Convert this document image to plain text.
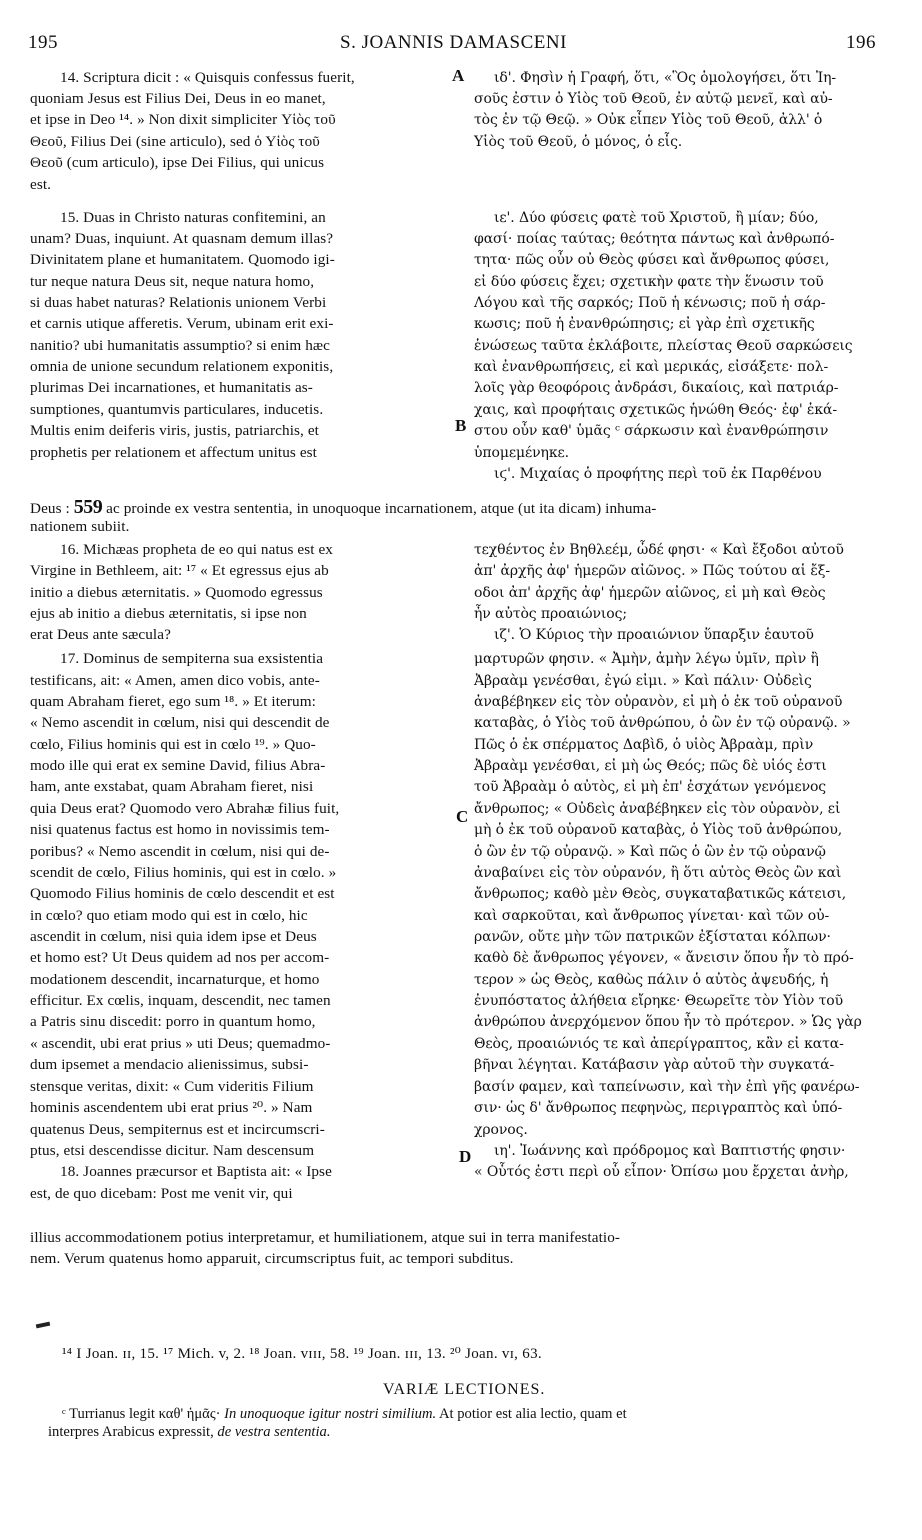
195	S. JOANNIS DAMASCENI	196
A
B
C
D
14. Scriptura dicit : « Quisquis confessus fuerit,
quoniam Jesus est Filius Dei, Deus in eo manet,
et ipse in Deo ¹⁴. » Non dixit simpliciter Υἱὸς τοῦ
Θεοῦ, Filius Dei (sine articulo), sed ὁ Υἱὸς τοῦ
Θεοῦ (cum articulo), ipse Dei Filius, qui unicus
est.
15. Duas in Christo naturas confitemini, an
unam? Duas, inquiunt. At quasnam demum illas?
Divinitatem plane et humanitatem. Quomodo igi-
tur neque natura Deus sit, neque natura homo,
si duas habet naturas? Relationis unionem Verbi
et carnis utique afferetis. Verum, ubinam erit exi-
nanitio? ubi humanitatis assumptio? si enim hæc
omnia de unione secundum relationem exponitis,
plurimas Dei incarnationes, et humanitatis as-
sumptiones, quantumvis particulares, inducetis.
Multis enim deiferis viris, justis, patriarchis, et
prophetis per relationem et affectum unitus est
16. Michæas propheta de eo qui natus est ex
Virgine in Bethleem, ait: ¹⁷ « Et egressus ejus ab
initio a diebus æternitatis. » Quomodo egressus
ejus ab initio a diebus æternitatis, si ipse non
erat Deus ante sæcula?
17. Dominus de sempiterna sua exsistentia
testificans, ait: « Amen, amen dico vobis, ante-
quam Abraham fieret, ego sum ¹⁸. » Et iterum:
« Nemo ascendit in cœlum, nisi qui descendit de
cœlo, Filius hominis qui est in cœlo ¹⁹. » Quo-
modo ille qui erat ex semine David, filius Abra-
ham, ante exstabat, quam Abraham fieret, nisi
quia Deus erat? Quomodo vero Abrahæ filius fuit,
nisi quatenus factus est homo in novissimis tem-
poribus? « Nemo ascendit in cœlum, nisi qui de-
scendit de cœlo, Filius hominis, qui est in cœlo. »
Quomodo Filius hominis de cœlo descendit et est
in cœlo? quo etiam modo qui est in cœlo, hic
ascendit in cœlum, nisi quia idem ipse et Deus
et homo est? Ut Deus quidem ad nos per accom-
modationem descendit, incarnaturque, et homo
efficitur. Ex cœlis, inquam, descendit, nec tamen
a Patris sinu discedit: porro in quantum homo,
« ascendit, ubi erat prius » uti Deus; quemadmo-
dum ipsemet a mendacio alienissimus, subsi-
stensque veritas, dixit: « Cum videritis Filium
hominis ascendentem ubi erat prius ²⁰. » Nam
quatenus Deus, sempiternus est et incircumscri-
ptus, etsi descendisse dicitur. Nam descensum
18. Joannes præcursor et Baptista ait: « Ipse
est, de quo dicebam: Post me venit vir, qui
ιδ'. Φησὶν ἡ Γραφή, ὅτι, «Ὃς ὁμολογήσει, ὅτι Ἰη-
σοῦς ἐστιν ὁ Υἱὸς τοῦ Θεοῦ, ἐν αὐτῷ μενεῖ, καὶ αὐ-
τὸς ἐν τῷ Θεῷ. » Οὐκ εἶπεν Υἱὸς τοῦ Θεοῦ, ἀλλ' ὁ
Υἱὸς τοῦ Θεοῦ, ὁ μόνος, ὁ εἷς.
ιε'. Δύο φύσεις φατὲ τοῦ Χριστοῦ, ἢ μίαν; δύο,
φασί· ποίας ταύτας; θεότητα πάντως καὶ ἀνθρωπό-
τητα· πῶς οὖν οὐ Θεὸς φύσει καὶ ἄνθρωπος φύσει,
εἰ δύο φύσεις ἔχει; σχετικὴν φατε τὴν ἕνωσιν τοῦ
Λόγου καὶ τῆς σαρκός; Ποῦ ἡ κένωσις; ποῦ ἡ σάρ-
κωσις; ποῦ ἡ ἐνανθρώπησις; εἰ γὰρ ἐπὶ σχετικῆς
ἑνώσεως ταῦτα ἐκλάβοιτε, πλείστας Θεοῦ σαρκώσεις
καὶ ἐνανθρωπήσεις, εἰ καὶ μερικάς, εἰσάξετε· πολ-
λοῖς γὰρ θεοφόροις ἀνδράσι, δικαίοις, καὶ πατριάρ-
χαις, καὶ προφήταις σχετικῶς ἡνώθη Θεός· ἐφ' ἑκά-
στου οὖν καθ' ὑμᾶς ᶜ σάρκωσιν καὶ ἐνανθρώπησιν
ὑπομεμένηκε.
ιϛ'. Μιχαίας ὁ προφήτης περὶ τοῦ ἐκ Παρθένου
τεχθέντος ἐν Βηθλεέμ, ὧδέ φησι· « Καὶ ἔξοδοι αὐτοῦ
ἀπ' ἀρχῆς ἀφ' ἡμερῶν αἰῶνος. » Πῶς τούτου αἱ ἔξ-
οδοι ἀπ' ἀρχῆς ἀφ' ἡμερῶν αἰῶνος, εἰ μὴ καὶ Θεὸς
ἦν αὐτὸς προαιώνιος;
ιζ'. Ὁ Κύριος τὴν προαιώνιον ὕπαρξιν ἑαυτοῦ
μαρτυρῶν φησιν. « Ἀμὴν, ἀμὴν λέγω ὑμῖν, πρὶν ἢ
Ἀβραὰμ γενέσθαι, ἐγώ εἰμι. » Καὶ πάλιν· Οὐδεὶς
ἀναβέβηκεν εἰς τὸν οὐρανὸν, εἰ μὴ ὁ ἐκ τοῦ οὐρανοῦ
καταβὰς, ὁ Υἱὸς τοῦ ἀνθρώπου, ὁ ὢν ἐν τῷ οὐρανῷ. »
Πῶς ὁ ἐκ σπέρματος Δαβὶδ, ὁ υἱὸς Ἀβραὰμ, πρὶν
Ἀβραὰμ γενέσθαι, εἰ μὴ ὡς Θεός; πῶς δὲ υἱός ἐστι
τοῦ Ἀβραὰμ ὁ αὐτὸς, εἰ μὴ ἐπ' ἐσχάτων γενόμενος
ἄνθρωπος; « Οὐδεὶς ἀναβέβηκεν εἰς τὸν οὐρανὸν, εἰ
μὴ ὁ ἐκ τοῦ οὐρανοῦ καταβὰς, ὁ Υἱὸς τοῦ ἀνθρώπου,
ὁ ὢν ἐν τῷ οὐρανῷ. » Καὶ πῶς ὁ ὢν ἐν τῷ οὐρανῷ
ἀναβαίνει εἰς τὸν οὐρανόν, ἢ ὅτι αὐτὸς Θεὸς ὢν καὶ
ἄνθρωπος; καθὸ μὲν Θεὸς, συγκαταβατικῶς κάτεισι,
καὶ σαρκοῦται, καὶ ἄνθρωπος γίνεται· καὶ τῶν οὐ-
ρανῶν, οὔτε μὴν τῶν πατρικῶν ἐξίσταται κόλπων·
καθὸ δὲ ἄνθρωπος γέγονεν, « ἄνεισιν ὅπου ἦν τὸ πρό-
τερον » ὡς Θεὸς, καθὼς πάλιν ὁ αὐτὸς ἀψευδής, ἡ
ἐνυπόστατος ἀλήθεια εἴρηκε· Θεωρεῖτε τὸν Υἱὸν τοῦ
ἀνθρώπου ἀνερχόμενον ὅπου ἦν τὸ πρότερον. » Ὡς γὰρ
Θεὸς, προαιώνιός τε καὶ ἀπερίγραπτος, κἂν εἰ κατα-
βῆναι λέγηται. Κατάβασιν γὰρ αὐτοῦ τὴν συγκατά-
βασίν φαμεν, καὶ ταπείνωσιν, καὶ τὴν ἐπὶ γῆς φανέρω-
σιν· ὡς δ' ἄνθρωπος πεφηνὼς, περιγραπτὸς καὶ ὑπό-
χρονος.
ιη'. Ἰωάννης καὶ πρόδρομος καὶ Βαπτιστής φησιν·
« Οὗτός ἐστι περὶ οὗ εἶπον· Ὀπίσω μου ἔρχεται ἀνὴρ,
Deus : 559 ac proinde ex vestra sententia, in unoquoque incarnationem, atque (ut ita dicam) inhuma-
nationem subiit.
illius accommodationem potius interpretamur, et humiliationem, atque sui in terra manifestatio-
nem. Verum quatenus homo apparuit, circumscriptus fuit, ac tempori subditus.
¹⁴ I Joan. ɪɪ, 15. ¹⁷ Mich. v, 2. ¹⁸ Joan. ᴠɪɪɪ, 58. ¹⁹ Joan. ɪɪɪ, 13. ²⁰ Joan. ᴠɪ, 63.
VARIÆ LECTIONES.
ᶜ Turrianus legit καθ' ἡμᾶς· In unoquoque igitur nostri similium. At potior est alia lectio, quam et
interpres Arabicus expressit, de vestra sententia.
